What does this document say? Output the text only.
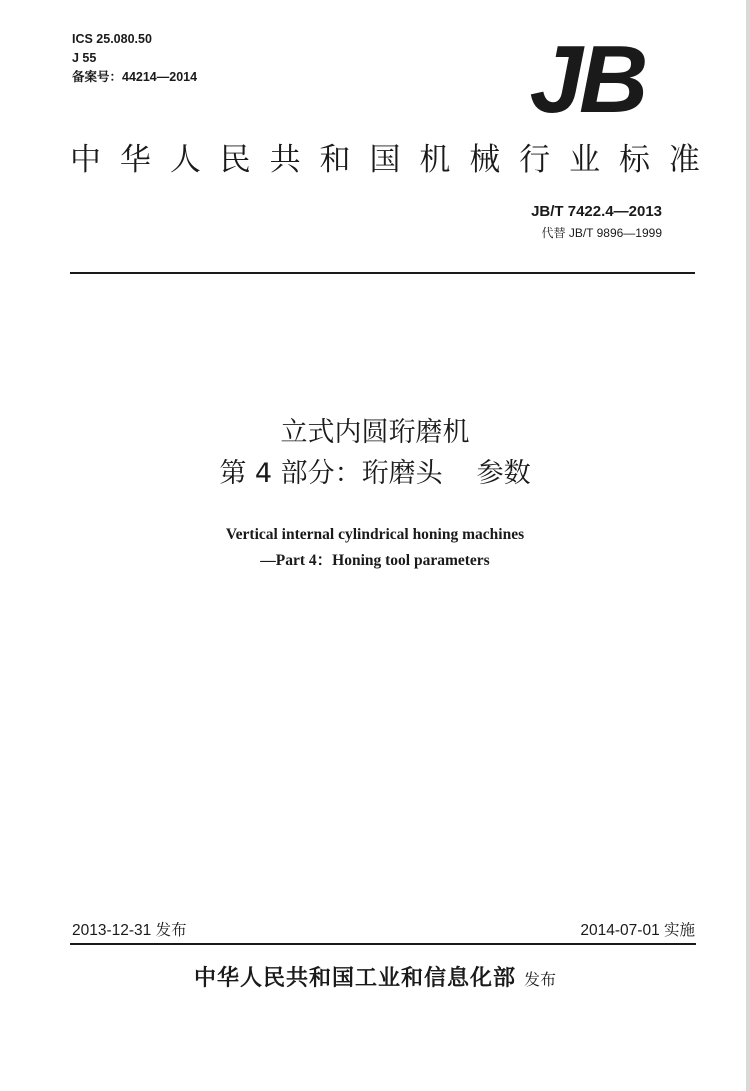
ICS 25.080.50
J 55
备案号：44214—2014	JB
中 华 人 民 共 和 国 机 械 行 业 标 准
JB/T 7422.4—2013
代替 JB/T 9896—1999
立式内圆珩磨机
第 4 部分：珩磨头 参数
Vertical internal cylindrical honing machines
—Part 4：Honing tool parameters
2013-12-31 发布	2014-07-01 实施
中华人民共和国工业和信息化部 发布
